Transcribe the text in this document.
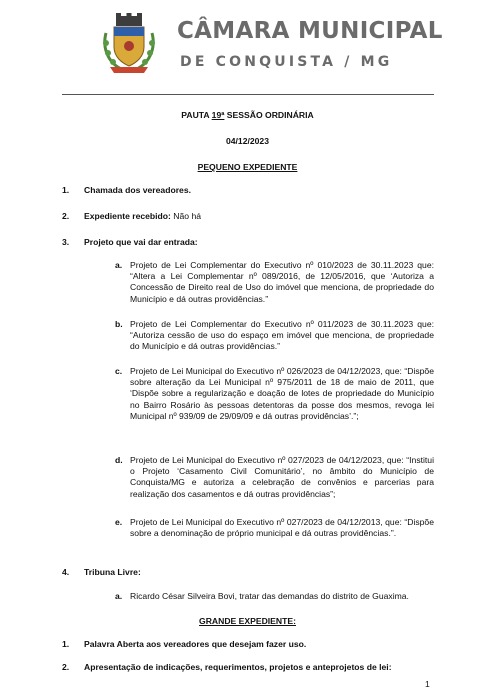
CÂMARA MUNICIPAL
DE CONQUISTA / MG
PAUTA 19ª SESSÃO ORDINÁRIA
04/12/2023
PEQUENO EXPEDIENTE
1. Chamada dos vereadores.
2. Expediente recebido: Não há
3. Projeto que vai dar entrada:
a. Projeto de Lei Complementar do Executivo nº 010/2023 de 30.11.2023 que: “Altera a Lei Complementar nº 089/2016, de 12/05/2016, que ‘Autoriza a Concessão de Direito real de Uso do imóvel que menciona, de propriedade do Município e dá outras providências.”
b. Projeto de Lei Complementar do Executivo nº 011/2023 de 30.11.2023 que: “Autoriza cessão de uso do espaço em imóvel que menciona, de propriedade do Município e dá outras providências.”
c. Projeto de Lei Municipal do Executivo nº 026/2023 de 04/12/2023, que: “Dispõe sobre alteração da Lei Municipal nº 975/2011 de 18 de maio de 2011, que ‘Dispõe sobre a regularização e doação de lotes de propriedade do Município no Bairro Rosário às pessoas detentoras da posse dos mesmos, revoga lei Municipal nº 939/09 de 29/09/09 e dá outras providências’.”;
d. Projeto de Lei Municipal do Executivo nº 027/2023 de 04/12/2023, que: “Institui o Projeto ‘Casamento Civil Comunitário’, no âmbito do Município de Conquista/MG e autoriza a celebração de convênios e parcerias para realização dos casamentos e dá outras providências”;
e. Projeto de Lei Municipal do Executivo nº 027/2023 de 04/12/2013, que: “Dispõe sobre a denominação de próprio municipal e dá outras providências.”.
4. Tribuna Livre:
a. Ricardo César Silveira Bovi, tratar das demandas do distrito de Guaxima.
GRANDE EXPEDIENTE:
1. Palavra Aberta aos vereadores que desejam fazer uso.
2. Apresentação de indicações, requerimentos, projetos e anteprojetos de lei:
1
